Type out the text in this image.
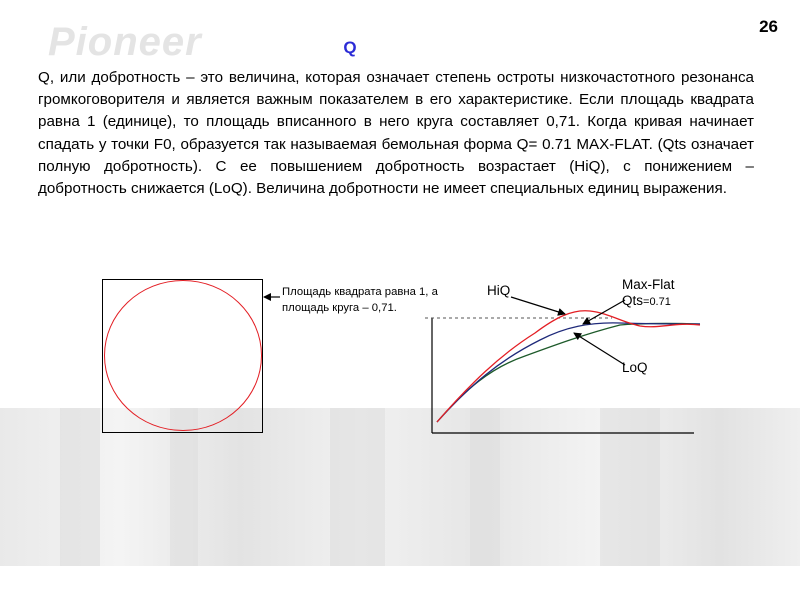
Pioneer	26
Q
Q, или добротность – это величина, которая означает степень остроты низкочастотного резонанса громкоговорителя и является важным показателем в его характеристике. Если площадь квадрата равна 1 (единице), то площадь вписанного в него круга составляет 0,71. Когда кривая начинает спадать у точки F0, образуется так называемая бемольная форма Q= 0.71 MAX-FLAT. (Qts означает полную добротность). С ее повышением добротность возрастает (HiQ), с понижением – добротность снижается (LoQ). Величина добротности не имеет специальных единиц выражения.
Площадь квадрата равна 1, а площадь круга – 0,71.
HiQ	Max-Flat
Qts=0.71
LoQ
